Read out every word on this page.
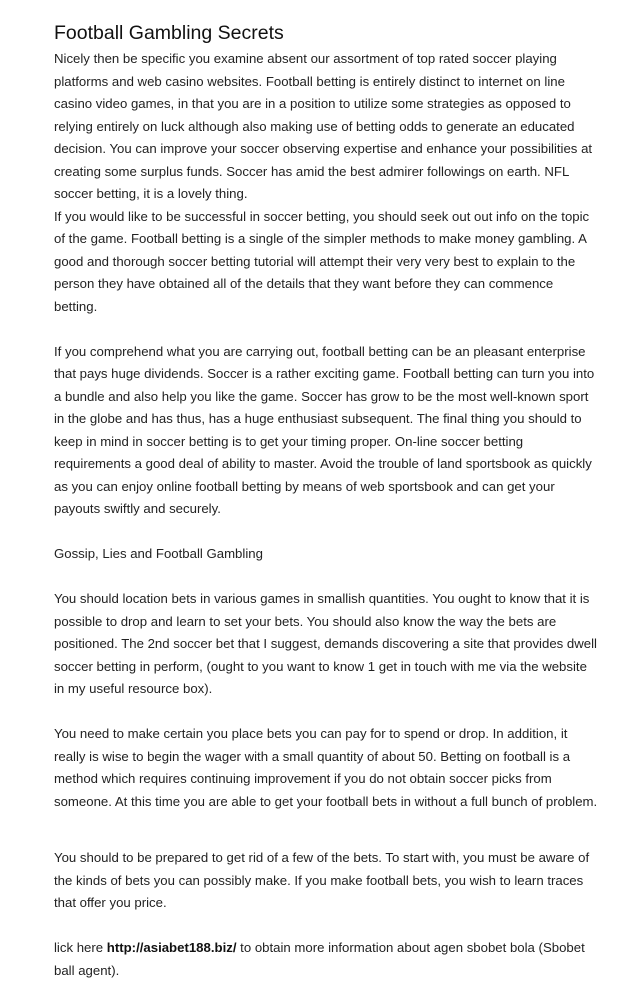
Football Gambling Secrets
Nicely then be specific you examine absent our assortment of top rated soccer playing
platforms and web casino websites. Football betting is entirely distinct to internet on line
casino video games, in that you are in a position to utilize some strategies as opposed to
relying entirely on luck although also making use of betting odds to generate an educated
decision. You can improve your soccer observing expertise and enhance your possibilities at
creating some surplus funds. Soccer has amid the best admirer followings on earth. NFL
soccer betting, it is a lovely thing.
If you would like to be successful in soccer betting, you should seek out out info on the topic
of the game. Football betting is a single of the simpler methods to make money gambling. A
good and thorough soccer betting tutorial will attempt their very very best to explain to the
person they have obtained all of the details that they want before they can commence
betting.
If you comprehend what you are carrying out, football betting can be an pleasant enterprise
that pays huge dividends. Soccer is a rather exciting game. Football betting can turn you into
a bundle and also help you like the game. Soccer has grow to be the most well-known sport
in the globe and has thus, has a huge enthusiast subsequent. The final thing you should to
keep in mind in soccer betting is to get your timing proper. On-line soccer betting
requirements a good deal of ability to master. Avoid the trouble of land sportsbook as quickly
as you can enjoy online football betting by means of web sportsbook and can get your
payouts swiftly and securely.
Gossip, Lies and Football Gambling
You should location bets in various games in smallish quantities. You ought to know that it is
possible to drop and learn to set your bets. You should also know the way the bets are
positioned. The 2nd soccer bet that I suggest, demands discovering a site that provides dwell
soccer betting in perform, (ought to you want to know 1 get in touch with me via the website
in my useful resource box).
You need to make certain you place bets you can pay for to spend or drop. In addition, it
really is wise to begin the wager with a small quantity of about 50. Betting on football is a
method which requires continuing improvement if you do not obtain soccer picks from
someone. At this time you are able to get your football bets in without a full bunch of problem.
You should to be prepared to get rid of a few of the bets. To start with, you must be aware of
the kinds of bets you can possibly make. If you make football bets, you wish to learn traces
that offer you price.
lick here http://asiabet188.biz/ to obtain more information about agen sbobet bola (Sbobet
ball agent).
